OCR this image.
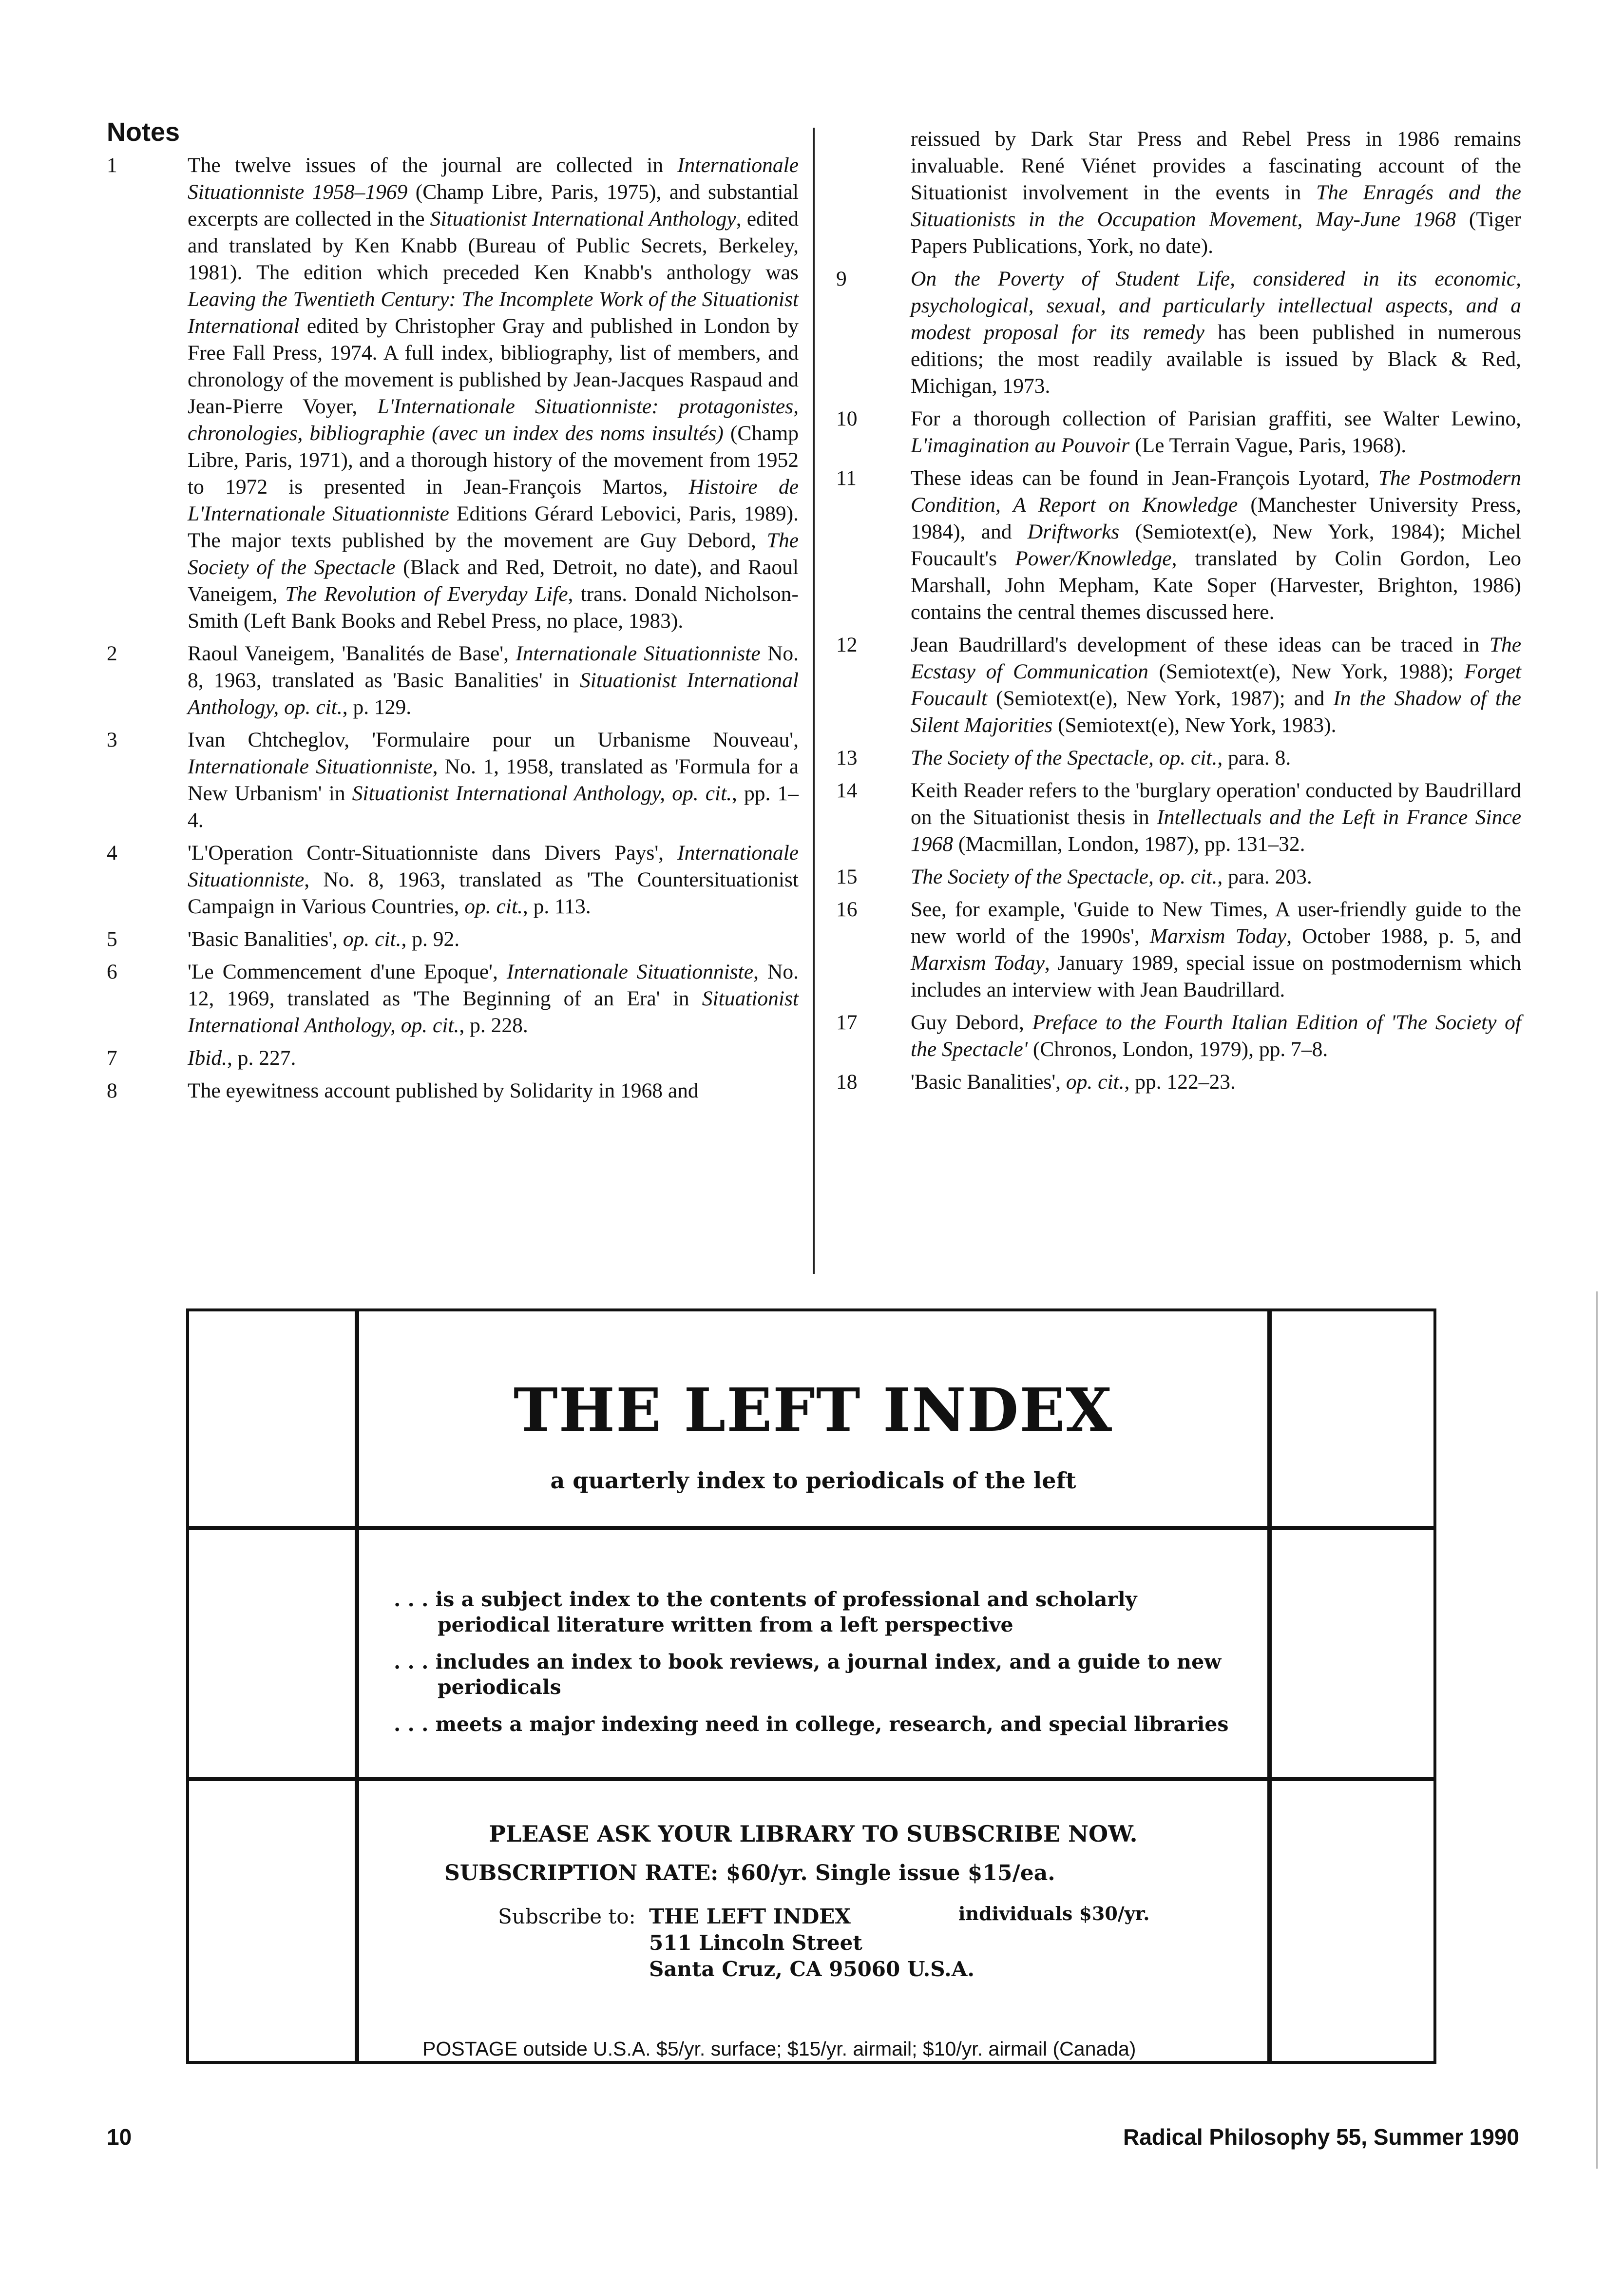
Notes
1	The twelve issues of the journal are collected in Internationale Situationniste 1958–1969 (Champ Libre, Paris, 1975), and substantial excerpts are collected in the Situationist International Anthology, edited and translated by Ken Knabb (Bureau of Public Secrets, Berkeley, 1981). The edition which preceded Ken Knabb's anthology was Leaving the Twentieth Century: The Incomplete Work of the Situationist International edited by Christopher Gray and published in London by Free Fall Press, 1974. A full index, bibliography, list of members, and chronology of the movement is published by Jean-Jacques Raspaud and Jean-Pierre Voyer, L'Internationale Situationniste: protagonistes, chronologies, bibliographie (avec un index des noms insultés) (Champ Libre, Paris, 1971), and a thorough history of the movement from 1952 to 1972 is presented in Jean-François Martos, Histoire de L'Internationale Situationniste Editions Gérard Lebovici, Paris, 1989). The major texts published by the movement are Guy Debord, The Society of the Spectacle (Black and Red, Detroit, no date), and Raoul Vaneigem, The Revolution of Everyday Life, trans. Donald Nicholson-Smith (Left Bank Books and Rebel Press, no place, 1983).
2	Raoul Vaneigem, 'Banalités de Base', Internationale Situationniste No. 8, 1963, translated as 'Basic Banalities' in Situationist International Anthology, op. cit., p. 129.
3	Ivan Chtcheglov, 'Formulaire pour un Urbanisme Nouveau', Internationale Situationniste, No. 1, 1958, translated as 'Formula for a New Urbanism' in Situationist International Anthology, op. cit., pp. 1–4.
4	'L'Operation Contr-Situationniste dans Divers Pays', Internationale Situationniste, No. 8, 1963, translated as 'The Countersituationist Campaign in Various Countries, op. cit., p. 113.
5	'Basic Banalities', op. cit., p. 92.
6	'Le Commencement d'une Epoque', Internationale Situationniste, No. 12, 1969, translated as 'The Beginning of an Era' in Situationist International Anthology, op. cit., p. 228.
7	Ibid., p. 227.
8	The eyewitness account published by Solidarity in 1968 and
reissued by Dark Star Press and Rebel Press in 1986 remains invaluable. René Viénet provides a fascinating account of the Situationist involvement in the events in The Enragés and the Situationists in the Occupation Movement, May-June 1968 (Tiger Papers Publications, York, no date).
9	On the Poverty of Student Life, considered in its economic, psychological, sexual, and particularly intellectual aspects, and a modest proposal for its remedy has been published in numerous editions; the most readily available is issued by Black & Red, Michigan, 1973.
10	For a thorough collection of Parisian graffiti, see Walter Lewino, L'imagination au Pouvoir (Le Terrain Vague, Paris, 1968).
11	These ideas can be found in Jean-François Lyotard, The Postmodern Condition, A Report on Knowledge (Manchester University Press, 1984), and Driftworks (Semiotext(e), New York, 1984); Michel Foucault's Power/Knowledge, translated by Colin Gordon, Leo Marshall, John Mepham, Kate Soper (Harvester, Brighton, 1986) contains the central themes discussed here.
12	Jean Baudrillard's development of these ideas can be traced in The Ecstasy of Communication (Semiotext(e), New York, 1988); Forget Foucault (Semiotext(e), New York, 1987); and In the Shadow of the Silent Majorities (Semiotext(e), New York, 1983).
13	The Society of the Spectacle, op. cit., para. 8.
14	Keith Reader refers to the 'burglary operation' conducted by Baudrillard on the Situationist thesis in Intellectuals and the Left in France Since 1968 (Macmillan, London, 1987), pp. 131–32.
15	The Society of the Spectacle, op. cit., para. 203.
16	See, for example, 'Guide to New Times, A user-friendly guide to the new world of the 1990s', Marxism Today, October 1988, p. 5, and Marxism Today, January 1989, special issue on postmodernism which includes an interview with Jean Baudrillard.
17	Guy Debord, Preface to the Fourth Italian Edition of 'The Society of the Spectacle' (Chronos, London, 1979), pp. 7–8.
18	'Basic Banalities', op. cit., pp. 122–23.
THE LEFT INDEX
a quarterly index to periodicals of the left
. . . is a subject index to the contents of professional and scholarly periodical literature written from a left perspective
. . . includes an index to book reviews, a journal index, and a guide to new periodicals
. . . meets a major indexing need in college, research, and special libraries
PLEASE ASK YOUR LIBRARY TO SUBSCRIBE NOW.
SUBSCRIPTION RATE: $60/yr. Single issue $15/ea.
individuals $30/yr.
Subscribe to: THE LEFT INDEX
511 Lincoln Street
Santa Cruz, CA 95060 U.S.A.
POSTAGE outside U.S.A. $5/yr. surface; $15/yr. airmail; $10/yr. airmail (Canada)
10	Radical Philosophy 55, Summer 1990
